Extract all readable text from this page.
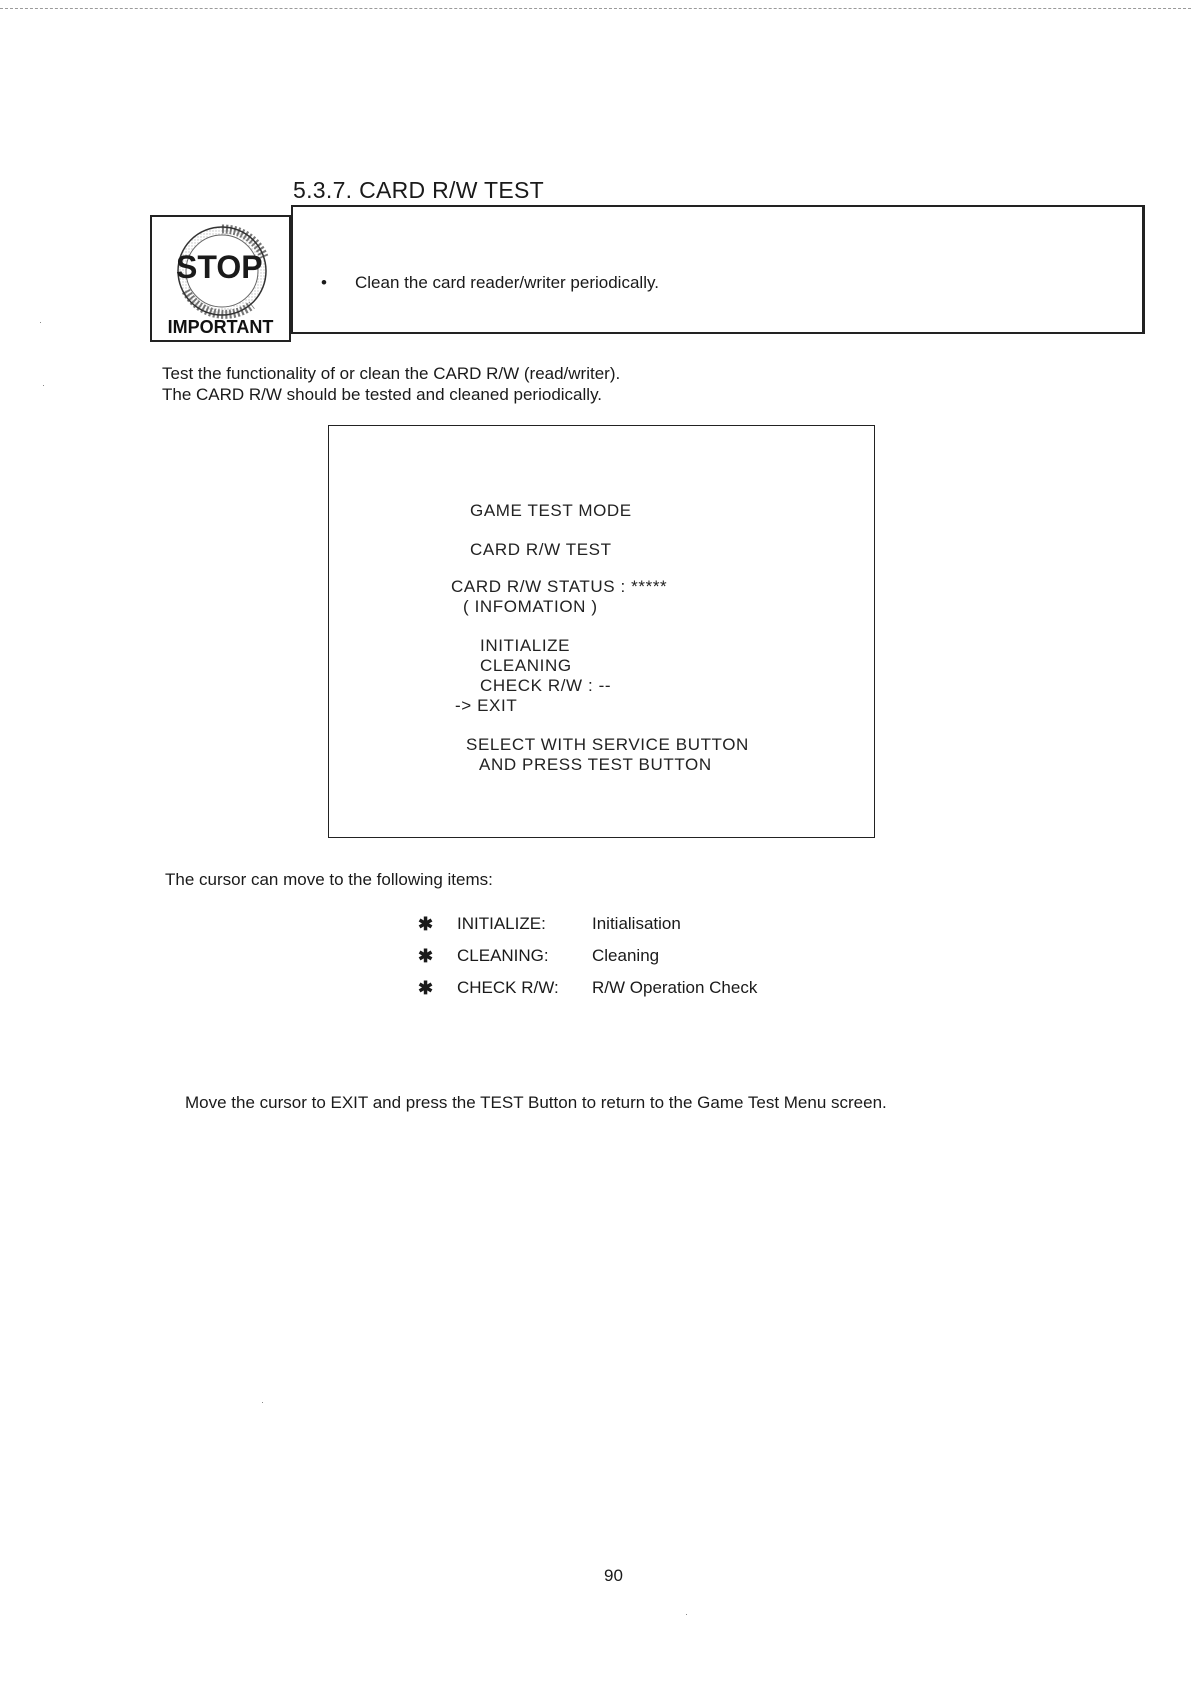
5.3.7. CARD R/W TEST
STOP
IMPORTANT
• Clean the card reader/writer periodically.

Test the functionality of or clean the CARD R/W (read/writer).

The CARD R/W should be tested and cleaned periodically.

GAME TEST MODE
CARD R/W TEST
CARD R/W STATUS : *****
( INFOMATION )
INITIALIZE
CLEANING
CHECK R/W : --
-> EXIT
SELECT WITH SERVICE BUTTON
AND PRESS TEST BUTTON
The cursor can move to the following items:
✱ INITIALIZE:	Initialisation
✱ CLEANING:	Cleaning
✱ CHECK R/W: R/W Operation Check
Move the cursor to EXIT and press the TEST Button to return to the Game Test Menu screen.
90
